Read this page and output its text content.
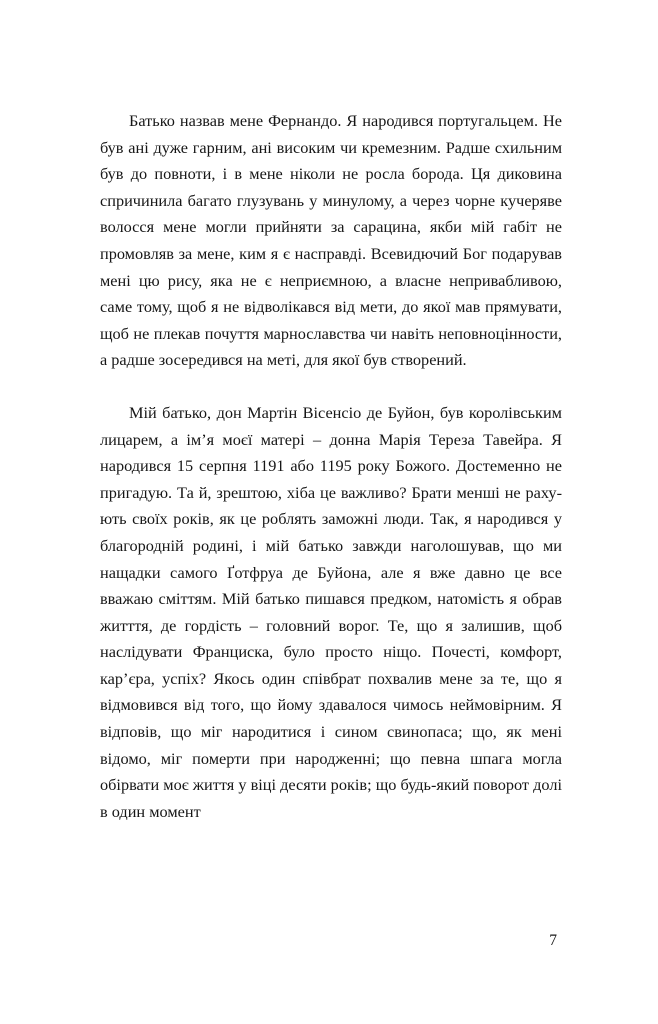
Батько назвав мене Фернандо. Я народився португальцем. Не був ані дуже гарним, ані високим чи кремезним. Радше схильним був до повноти, і в мене ніколи не росла борода. Ця диковина спричинила багато глузувань у минулому, а через чорне кучеряве волосся мене могли прийняти за сарацина, якби мій габіт не промовляв за мене, ким я є насправді. Всевидючий Бог подарував мені цю рису, яка не є неприємною, а власне непривабливою, саме тому, щоб я не відволікався від мети, до якої мав прямувати, щоб не плекав почуття марнославства чи навіть неповноцінности, а радше зосередився на меті, для якої був створений.

Мій батько, дон Мартін Вісенсіо де Буйон, був королівським лицарем, а ім’я моєї матері – донна Марія Тереза Тавейра. Я народився 15 серпня 1191 або 1195 року Божого. Достеменно не пригадую. Та й, зрештою, хіба це важливо? Брати менші не рахують своїх років, як це роблять заможні люди. Так, я народився у благородній родині, і мій батько завжди наголошував, що ми нащадки самого Ґотфруа де Буйона, але я вже давно це все вважаю сміттям. Мій батько пишався предком, натомість я обрав житття, де гордість – головний ворог. Те, що я залишив, щоб наслідувати Франциска, було просто ніщо. Почесті, комфорт, кар’єра, успіх? Якось один співбрат похвалив мене за те, що я відмовився від того, що йому здавалося чимось неймовірним. Я відповів, що міг народитися і сином свинопаса; що, як мені відомо, міг померти при народженні; що певна шпага могла обірвати моє життя у віці десяти років; що будь-який поворот долі в один момент

7
